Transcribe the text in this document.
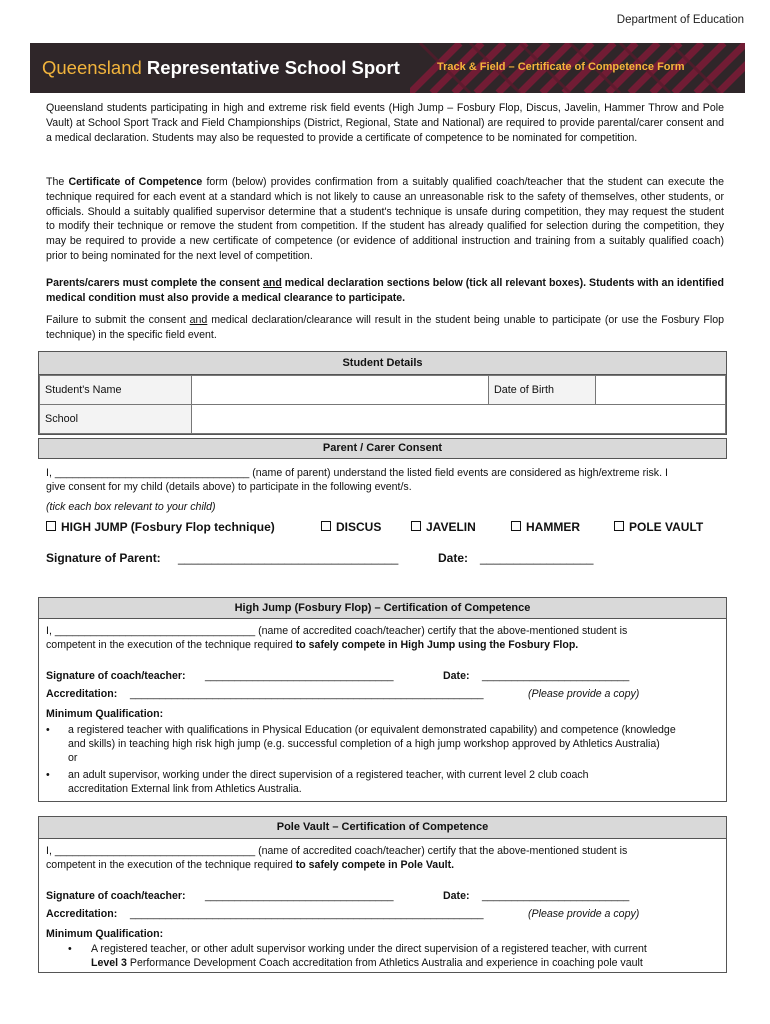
Department of Education
Queensland Representative School Sport	Track & Field – Certificate of Competence Form

Queensland students participating in high and extreme risk field events (High Jump – Fosbury Flop, Discus, Javelin, Hammer Throw and Pole Vault) at School Sport Track and Field Championships (District, Regional, State and National) are required to provide parental/carer consent and a medical declaration. Students may also be requested to provide a certificate of competence to be nominated for competition.

The Certificate of Competence form (below) provides confirmation from a suitably qualified coach/teacher that the student can execute the technique required for each event at a standard which is not likely to cause an unreasonable risk to the safety of themselves, other students, or officials. Should a suitably qualified supervisor determine that a student's technique is unsafe during competition, they may request the student to modify their technique or remove the student from competition. If the student has already qualified for selection during the competition, they may be required to provide a new certificate of competence (or evidence of additional instruction and training from a suitably qualified coach) prior to being nominated for the next level of competition.

Parents/carers must complete the consent and medical declaration sections below (tick all relevant boxes). Students with an identified medical condition must also provide a medical clearance to participate.

Failure to submit the consent and medical declaration/clearance will result in the student being unable to participate (or use the Fosbury Flop technique) in the specific field event.

Student Details
Student's Name		Date of Birth	
School			
Parent / Carer Consent
I, _________________________________ (name of parent) understand the listed field events are considered as high/extreme risk. I
give consent for my child (details above) to participate in the following event/s.
(tick each box relevant to your child)
HIGH JUMP (Fosbury Flop technique)	DISCUS	JAVELIN	HAMMER	POLE VAULT
Signature of Parent: _________________________________	Date: _________________
High Jump (Fosbury Flop) – Certification of Competence
I, __________________________________ (name of accredited coach/teacher) certify that the above-mentioned student is
competent in the execution of the technique required to safely compete in High Jump using the Fosbury Flop.
Signature of coach/teacher: ________________________________	Date: _________________________
Accreditation: ____________________________________________________________	(Please provide a copy)
Minimum Qualification:
• a registered teacher with qualifications in Physical Education (or equivalent demonstrated capability) and competence (knowledge
and skills) in teaching high risk high jump (e.g. successful completion of a high jump workshop approved by Athletics Australia)
or
• an adult supervisor, working under the direct supervision of a registered teacher, with current level 2 club coach
accreditation External link from Athletics Australia.
Pole Vault – Certification of Competence
I, __________________________________ (name of accredited coach/teacher) certify that the above-mentioned student is
competent in the execution of the technique required to safely compete in Pole Vault.
Signature of coach/teacher: ________________________________	Date: _________________________
Accreditation: ____________________________________________________________	(Please provide a copy)
Minimum Qualification:
• A registered teacher, or other adult supervisor working under the direct supervision of a registered teacher, with current
Level 3 Performance Development Coach accreditation from Athletics Australia and experience in coaching pole vault
